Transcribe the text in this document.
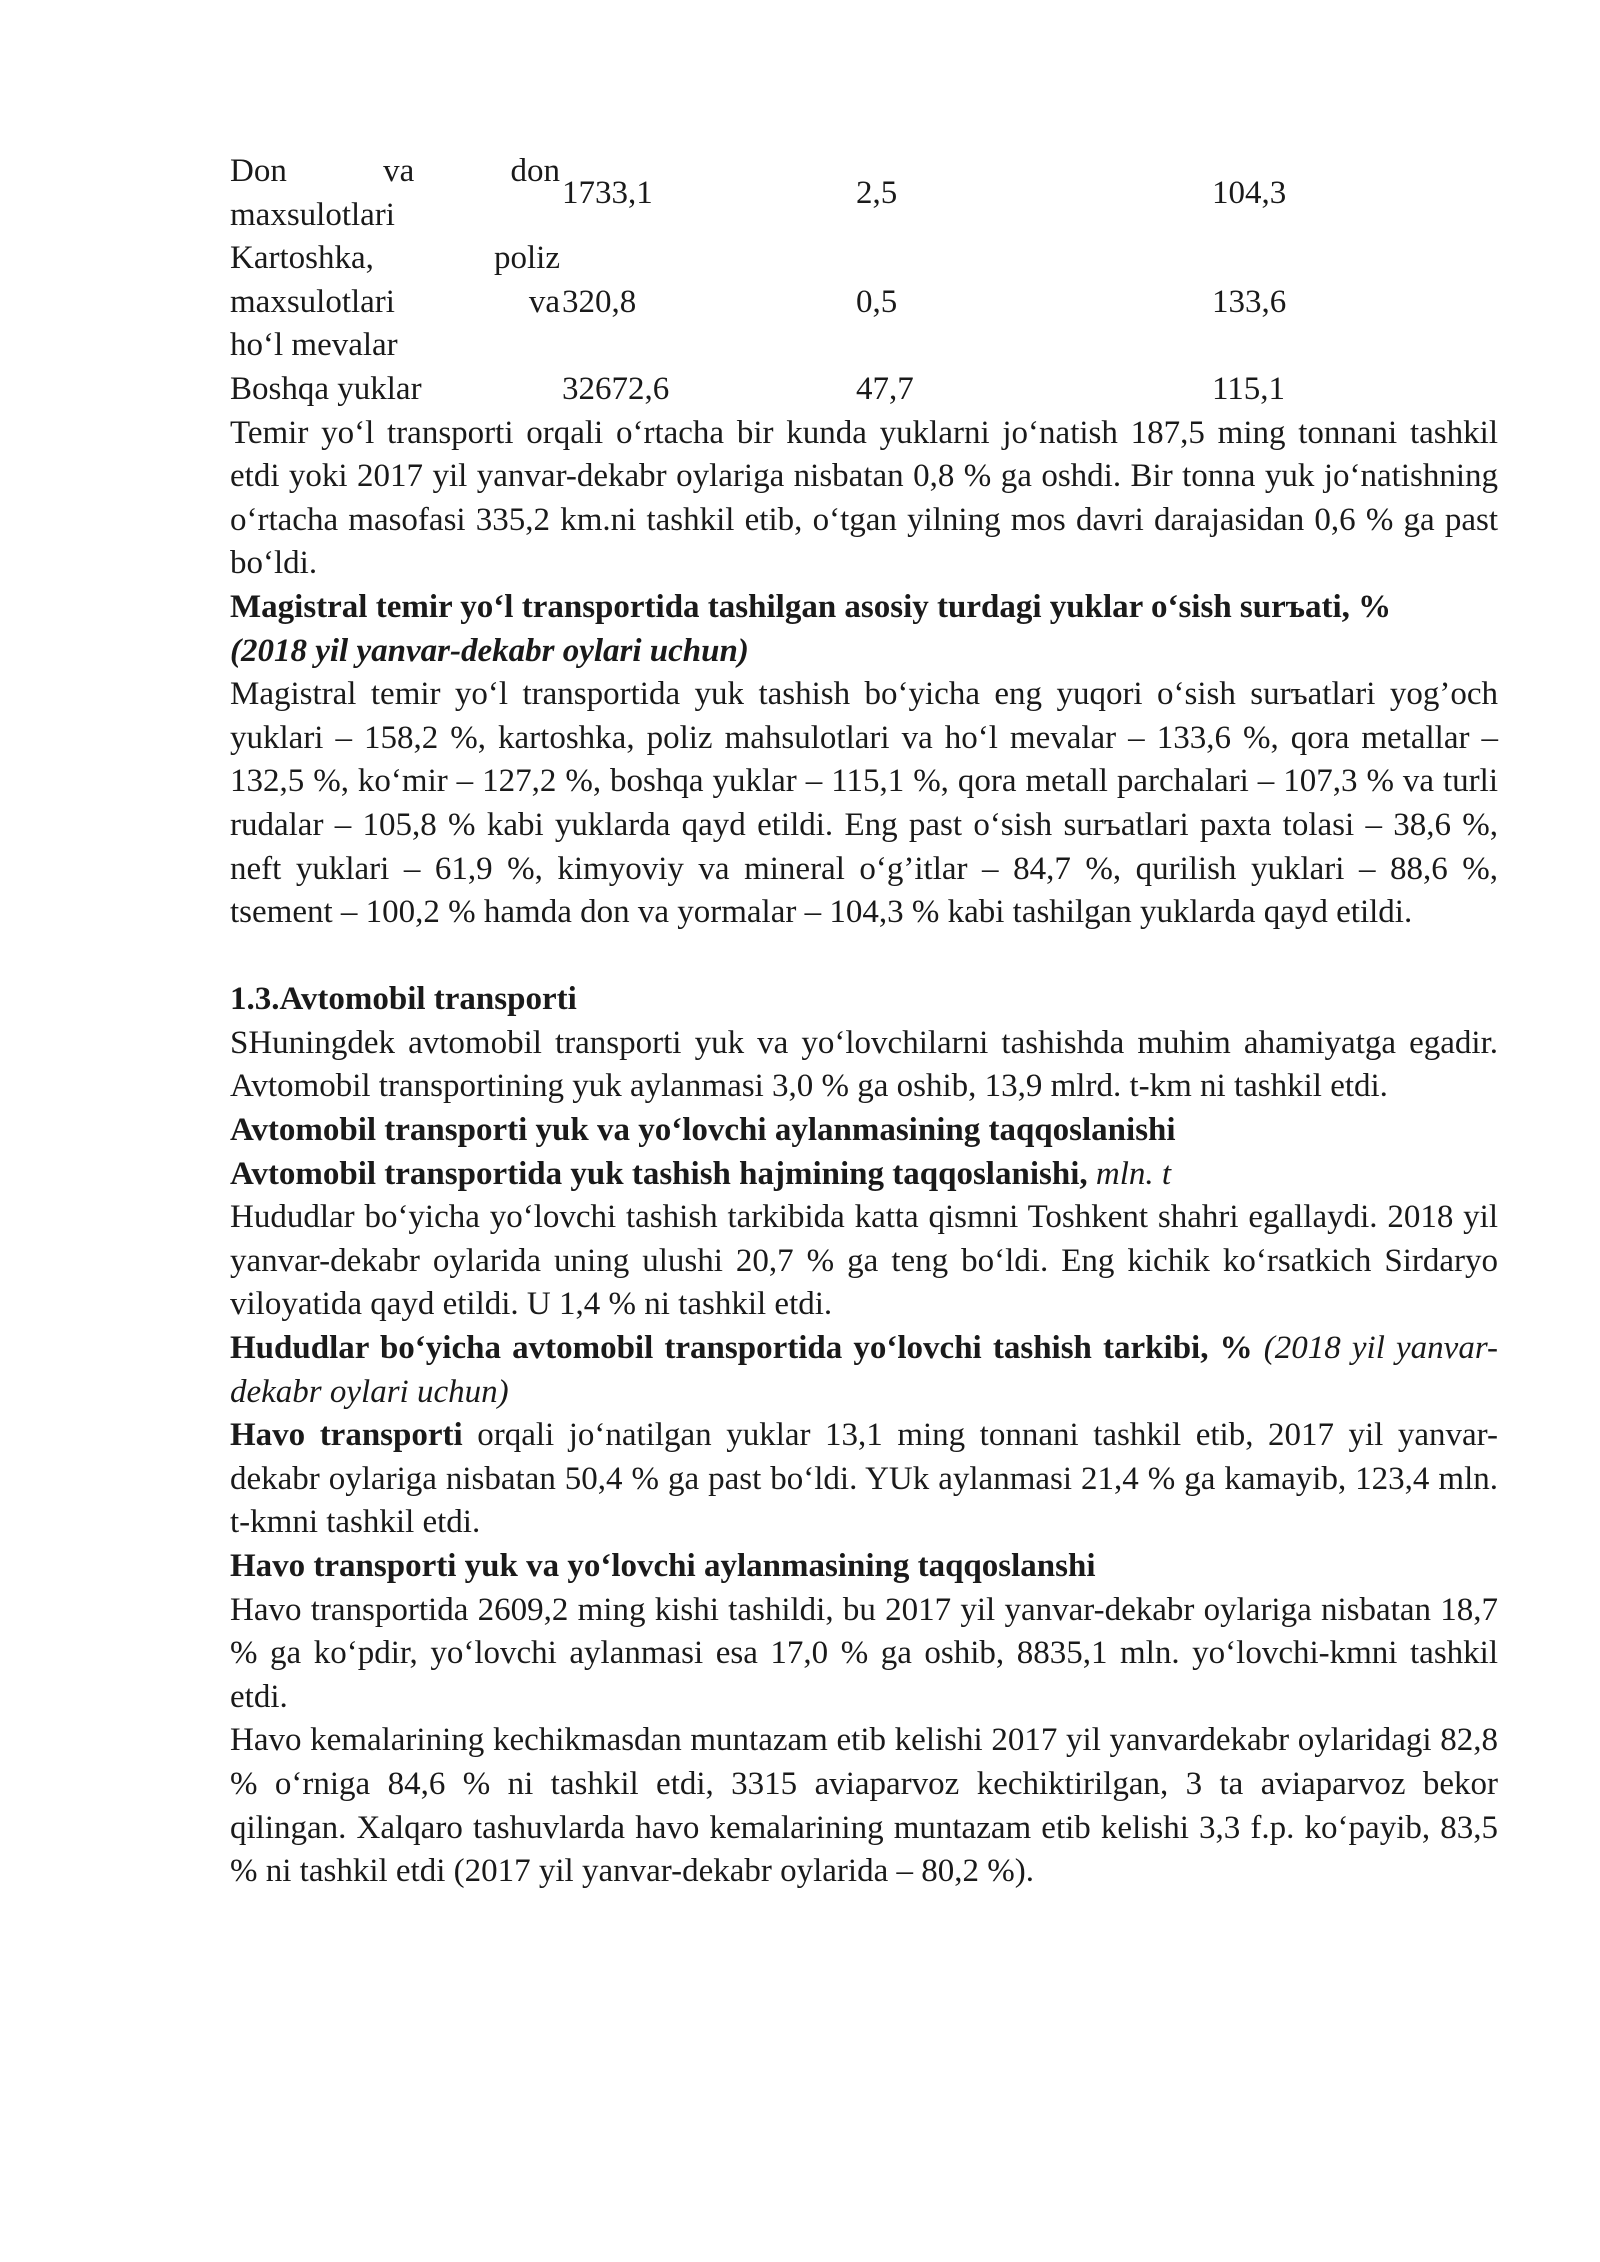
Don va don
maxsulotlari	1733,1	2,5	104,3

Kartoshka, poliz
maxsulotlari va
ho‘l mevalar	320,8	0,5	133,6

Boshqa yuklar	32672,6	47,7	115,1

Temir yo‘l transporti orqali o‘rtacha bir kunda yuklarni jo‘natish 187,5 ming tonnani tashkil etdi yoki 2017 yil yanvar-dekabr oylariga nisbatan 0,8 % ga oshdi. Bir tonna yuk jo‘natishning o‘rtacha masofasi 335,2 km.ni tashkil etib, o‘tgan yilning mos davri darajasidan 0,6 % ga past bo‘ldi.

Magistral temir yo‘l transportida tashilgan asosiy turdagi yuklar o‘sish surъati, %

(2018 yil yanvar-dekabr oylari uchun)

Magistral temir yo‘l transportida yuk tashish bo‘yicha eng yuqori o‘sish surъatlari yog’och yuklari – 158,2 %, kartoshka, poliz mahsulotlari va ho‘l mevalar – 133,6 %, qora metallar – 132,5 %, ko‘mir – 127,2 %, boshqa yuklar – 115,1 %, qora metall parchalari – 107,3 % va turli rudalar – 105,8 % kabi yuklarda qayd etildi. Eng past o‘sish surъatlari paxta tolasi – 38,6 %, neft yuklari – 61,9 %, kimyoviy va mineral o‘g’itlar – 84,7 %, qurilish yuklari – 88,6 %, tsement – 100,2 % hamda don va yormalar – 104,3 % kabi tashilgan yuklarda qayd etildi.

1.3.Avtomobil transporti

SHuningdek avtomobil transporti yuk va yo‘lovchilarni tashishda muhim ahamiyatga egadir. Avtomobil transportining yuk aylanmasi 3,0 % ga oshib, 13,9 mlrd. t-km ni tashkil etdi.

Avtomobil transporti yuk va yo‘lovchi aylanmasining taqqoslanishi

Avtomobil transportida yuk tashish hajmining taqqoslanishi, mln. t

Hududlar bo‘yicha yo‘lovchi tashish tarkibida katta qismni Toshkent shahri egallaydi. 2018 yil yanvar-dekabr oylarida uning ulushi 20,7 % ga teng bo‘ldi. Eng kichik ko‘rsatkich Sirdaryo viloyatida qayd etildi. U 1,4 % ni tashkil etdi.

Hududlar bo‘yicha avtomobil transportida yo‘lovchi tashish tarkibi, % (2018 yil yanvar-dekabr oylari uchun)

Havo transporti orqali jo‘natilgan yuklar 13,1 ming tonnani tashkil etib, 2017 yil yanvar-dekabr oylariga nisbatan 50,4 % ga past bo‘ldi. YUk aylanmasi 21,4 % ga kamayib, 123,4 mln. t-kmni tashkil etdi.

Havo transporti yuk va yo‘lovchi aylanmasining taqqoslanshi

Havo transportida 2609,2 ming kishi tashildi, bu 2017 yil yanvar-dekabr oylariga nisbatan 18,7 % ga ko‘pdir, yo‘lovchi aylanmasi esa 17,0 % ga oshib, 8835,1 mln. yo‘lovchi-kmni tashkil etdi.

Havo kemalarining kechikmasdan muntazam etib kelishi 2017 yil yanvardekabr oylaridagi 82,8 % o‘rniga 84,6 % ni tashkil etdi, 3315 aviaparvoz kechiktirilgan, 3 ta aviaparvoz bekor qilingan. Xalqaro tashuvlarda havo kemalarining muntazam etib kelishi 3,3 f.p. ko‘payib, 83,5 % ni tashkil etdi (2017 yil yanvar-dekabr oylarida – 80,2 %).
